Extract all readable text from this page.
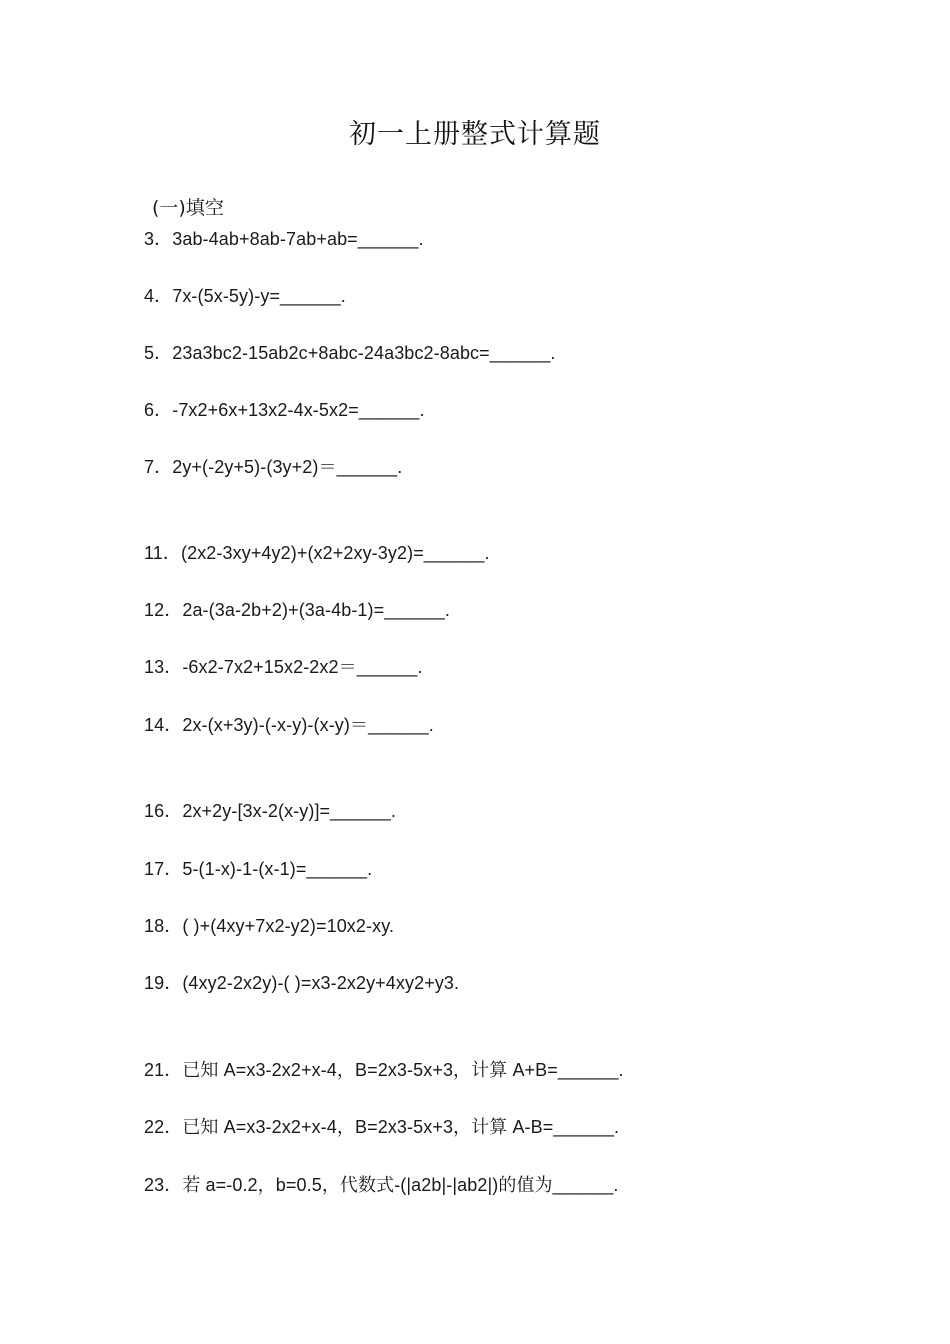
初一上册整式计算题
(一)填空
3．3ab-4ab+8ab-7ab+ab=______.
4．7x-(5x-5y)-y=______.
5．23a3bc2-15ab2c+8abc-24a3bc2-8abc=______.
6．-7x2+6x+13x2-4x-5x2=______.
7．2y+(-2y+5)-(3y+2)＝______.
11．(2x2-3xy+4y2)+(x2+2xy-3y2)=______.
12．2a-(3a-2b+2)+(3a-4b-1)=______.
13．-6x2-7x2+15x2-2x2＝______.
14．2x-(x+3y)-(-x-y)-(x-y)＝______.
16．2x+2y-[3x-2(x-y)]=______.
17．5-(1-x)-1-(x-1)=______.
18．( )+(4xy+7x2-y2)=10x2-xy.
19．(4xy2-2x2y)-( )=x3-2x2y+4xy2+y3.
21．已知 A=x3-2x2+x-4，B=2x3-5x+3，计算 A+B=______.
22．已知 A=x3-2x2+x-4，B=2x3-5x+3，计算 A-B=______.
23．若 a=-0.2，b=0.5，代数式-(|a2b|-|ab2|)的值为______.
